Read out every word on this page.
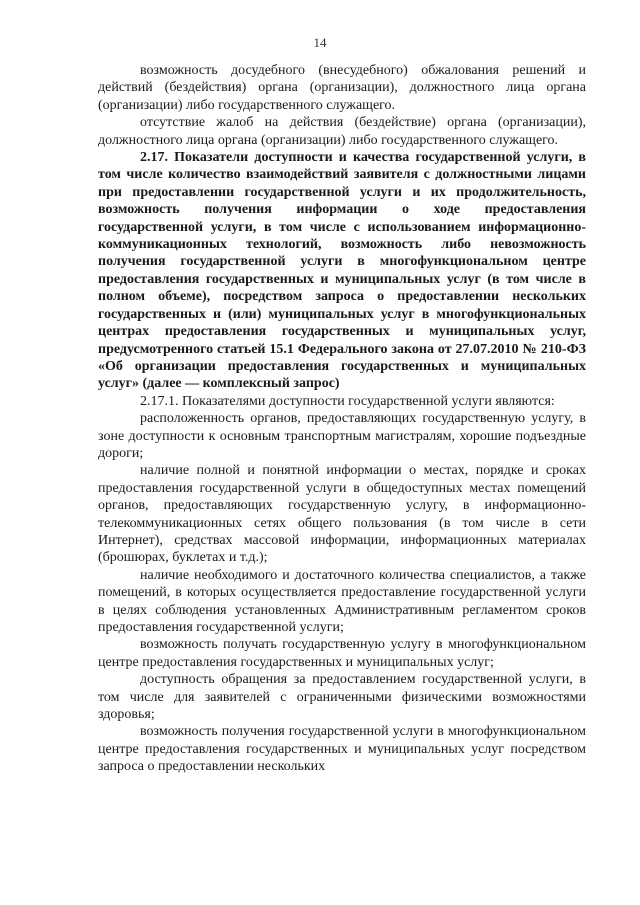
14

возможность досудебного (внесудебного) обжалования решений и действий (бездействия) органа (организации), должностного лица органа (организации) либо государственного служащего.

отсутствие жалоб на действия (бездействие) органа (организации), должностного лица органа (организации) либо государственного служащего.

2.17. Показатели доступности и качества государственной услуги, в том числе количество взаимодействий заявителя с должностными лицами при предоставлении государственной услуги и их продолжительность, возможность получения информации о ходе предоставления государственной услуги, в том числе с использованием информационно-коммуникационных технологий, возможность либо невозможность получения государственной услуги в многофункциональном центре предоставления государственных и муниципальных услуг (в том числе в полном объеме), посредством запроса о предоставлении нескольких государственных и (или) муниципальных услуг в многофункциональных центрах предоставления государственных и муниципальных услуг, предусмотренного статьей 15.1 Федерального закона от 27.07.2010 № 210-ФЗ «Об организации предоставления государственных и муниципальных услуг» (далее — комплексный запрос)

2.17.1. Показателями доступности государственной услуги являются:

расположенность органов, предоставляющих государственную услугу, в зоне доступности к основным транспортным магистралям, хорошие подъездные дороги;

наличие полной и понятной информации о местах, порядке и сроках предоставления государственной услуги в общедоступных местах помещений органов, предоставляющих государственную услугу, в информационно-телекоммуникационных сетях общего пользования (в том числе в сети Интернет), средствах массовой информации, информационных материалах (брошюрах, буклетах и т.д.);

наличие необходимого и достаточного количества специалистов, а также помещений, в которых осуществляется предоставление государственной услуги в целях соблюдения установленных Административным регламентом сроков предоставления государственной услуги;

возможность получать государственную услугу в многофункциональном центре предоставления государственных и муниципальных услуг;

доступность обращения за предоставлением государственной услуги, в том числе для заявителей с ограниченными физическими возможностями здоровья;

возможность получения государственной услуги в многофункциональном центре предоставления государственных и муниципальных услуг посредством запроса о предоставлении нескольких
